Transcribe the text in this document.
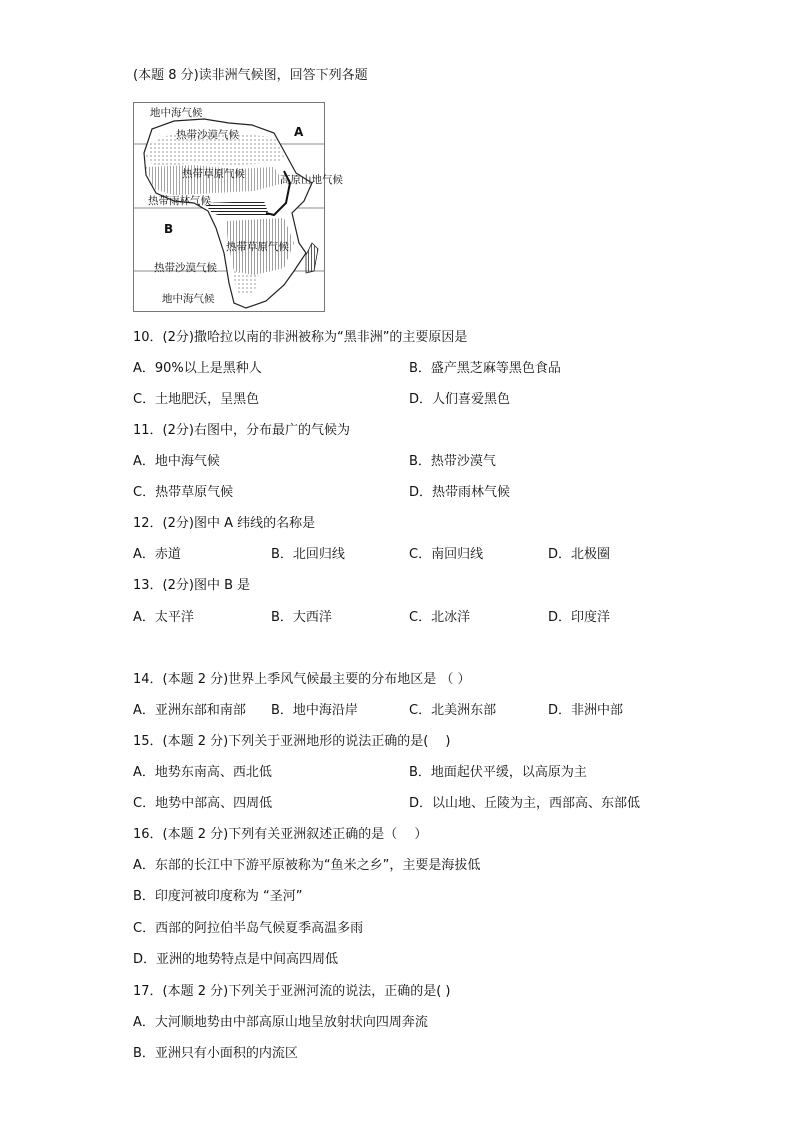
(本题 8 分)读非洲气候图，回答下列各题
地中海气候
热带沙漠气候	A
热带草原气候	高原山地气候
热带雨林气候
B
热带草原气候
热带沙漠气候
地中海气候
10．(2分)撒哈拉以南的非洲被称为“黑非洲”的主要原因是
A．90%以上是黑种人	B．盛产黑芝麻等黑色食品
C．土地肥沃，呈黑色	D．人们喜爱黑色
11．(2分)右图中，分布最广的气候为
A．地中海气候	B．热带沙漠气
C．热带草原气候	D．热带雨林气候
12．(2分)图中 A 纬线的名称是
A．赤道	B．北回归线	C．南回归线	D．北极圈
13．(2分)图中 B 是
A．太平洋	B．大西洋	C．北冰洋	D．印度洋
14．(本题 2 分)世界上季风气候最主要的分布地区是 （ ）
A．亚洲东部和南部 B．地中海沿岸	C．北美洲东部	D．非洲中部
15．(本题 2 分)下列关于亚洲地形的说法正确的是(　 )
A．地势东南高、西北低	B．地面起伏平缓，以高原为主
C．地势中部高、四周低	D．以山地、丘陵为主，西部高、东部低
16．(本题 2 分)下列有关亚洲叙述正确的是（　 ）
A．东部的长江中下游平原被称为“鱼米之乡”，主要是海拔低
B．印度河被印度称为 “圣河”
C．西部的阿拉伯半岛气候夏季高温多雨
D．亚洲的地势特点是中间高四周低
17．(本题 2 分)下列关于亚洲河流的说法，正确的是( )
A．大河顺地势由中部高原山地呈放射状向四周奔流
B．亚洲只有小面积的内流区
